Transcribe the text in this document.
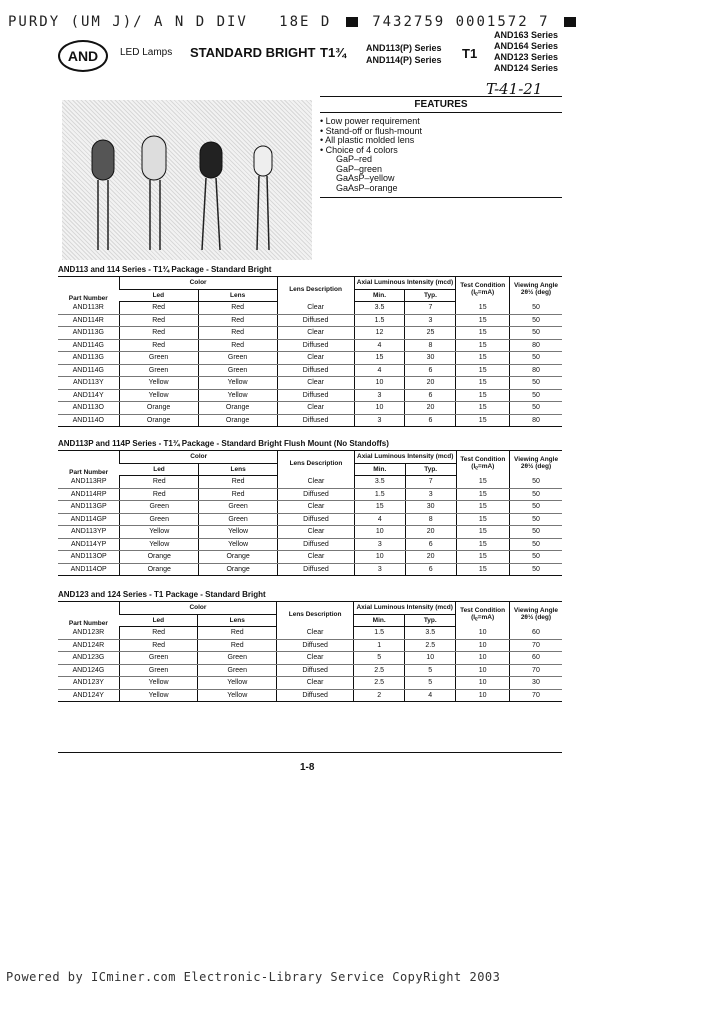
PURDY (UM J)/ A N D DIV 18E D	7432759 0001572 7
AND	LED Lamps STANDARD BRIGHT T1¾ AND113(P) Series
AND114(P) Series T1
AND163 Series
AND164 Series
AND123 Series
AND124 Series
T-41-21
FEATURES
• Low power requirement
• Stand-off or flush-mount
• All plastic molded lens
• Choice of 4 colors
GaP–red
GaP–green
GaAsP–yellow
GaAsP–orange
AND113 and 114 Series - T1¾ Package - Standard Bright
AND113P and 114P Series - T1¾ Package - Standard Bright Flush Mount (No Standoffs)
AND123 and 124 Series - T1 Package - Standard Bright
Part Number	Color		Lens Description	Axial Luminous Intensity (mcd)		Test Condition (Iᵨ=mA)	Viewing Angle 2θ½ (deg)
	Led	Lens		Min.	Typ.		
AND113R	Red	Red	Clear	3.5	7	15	50
AND114R	Red	Red	Diffused	1.5	3	15	50
AND113G	Red	Red	Clear	12	25	15	50
AND114G	Red	Red	Diffused	4	8	15	80
AND113G	Green	Green	Clear	15	30	15	50
AND114G	Green	Green	Diffused	4	6	15	80
AND113Y	Yellow	Yellow	Clear	10	20	15	50
AND114Y	Yellow	Yellow	Diffused	3	6	15	50
AND113O	Orange	Orange	Clear	10	20	15	50
AND114O	Orange	Orange	Diffused	3	6	15	80
Part Number	Color		Lens Description	Axial Luminous Intensity (mcd)		Test Condition (Iᵨ=mA)	Viewing Angle 2θ½ (deg)
	Led	Lens		Min.	Typ.		
AND113RP	Red	Red	Clear	3.5	7	15	50
AND114RP	Red	Red	Diffused	1.5	3	15	50
AND113GP	Green	Green	Clear	15	30	15	50
AND114GP	Green	Green	Diffused	4	8	15	50
AND113YP	Yellow	Yellow	Clear	10	20	15	50
AND114YP	Yellow	Yellow	Diffused	3	6	15	50
AND113OP	Orange	Orange	Clear	10	20	15	50
AND114OP	Orange	Orange	Diffused	3	6	15	50
Part Number	Color		Lens Description	Axial Luminous Intensity (mcd)		Test Condition (Iᵨ=mA)	Viewing Angle 2θ½ (deg)
	Led	Lens		Min.	Typ.		
AND123R	Red	Red	Clear	1.5	3.5	10	60
AND124R	Red	Red	Diffused	1	2.5	10	70
AND123G	Green	Green	Clear	5	10	10	60
AND124G	Green	Green	Diffused	2.5	5	10	70
AND123Y	Yellow	Yellow	Clear	2.5	5	10	30
AND124Y	Yellow	Yellow	Diffused	2	4	10	70
1-8
Powered by ICminer.com Electronic-Library Service CopyRight 2003
